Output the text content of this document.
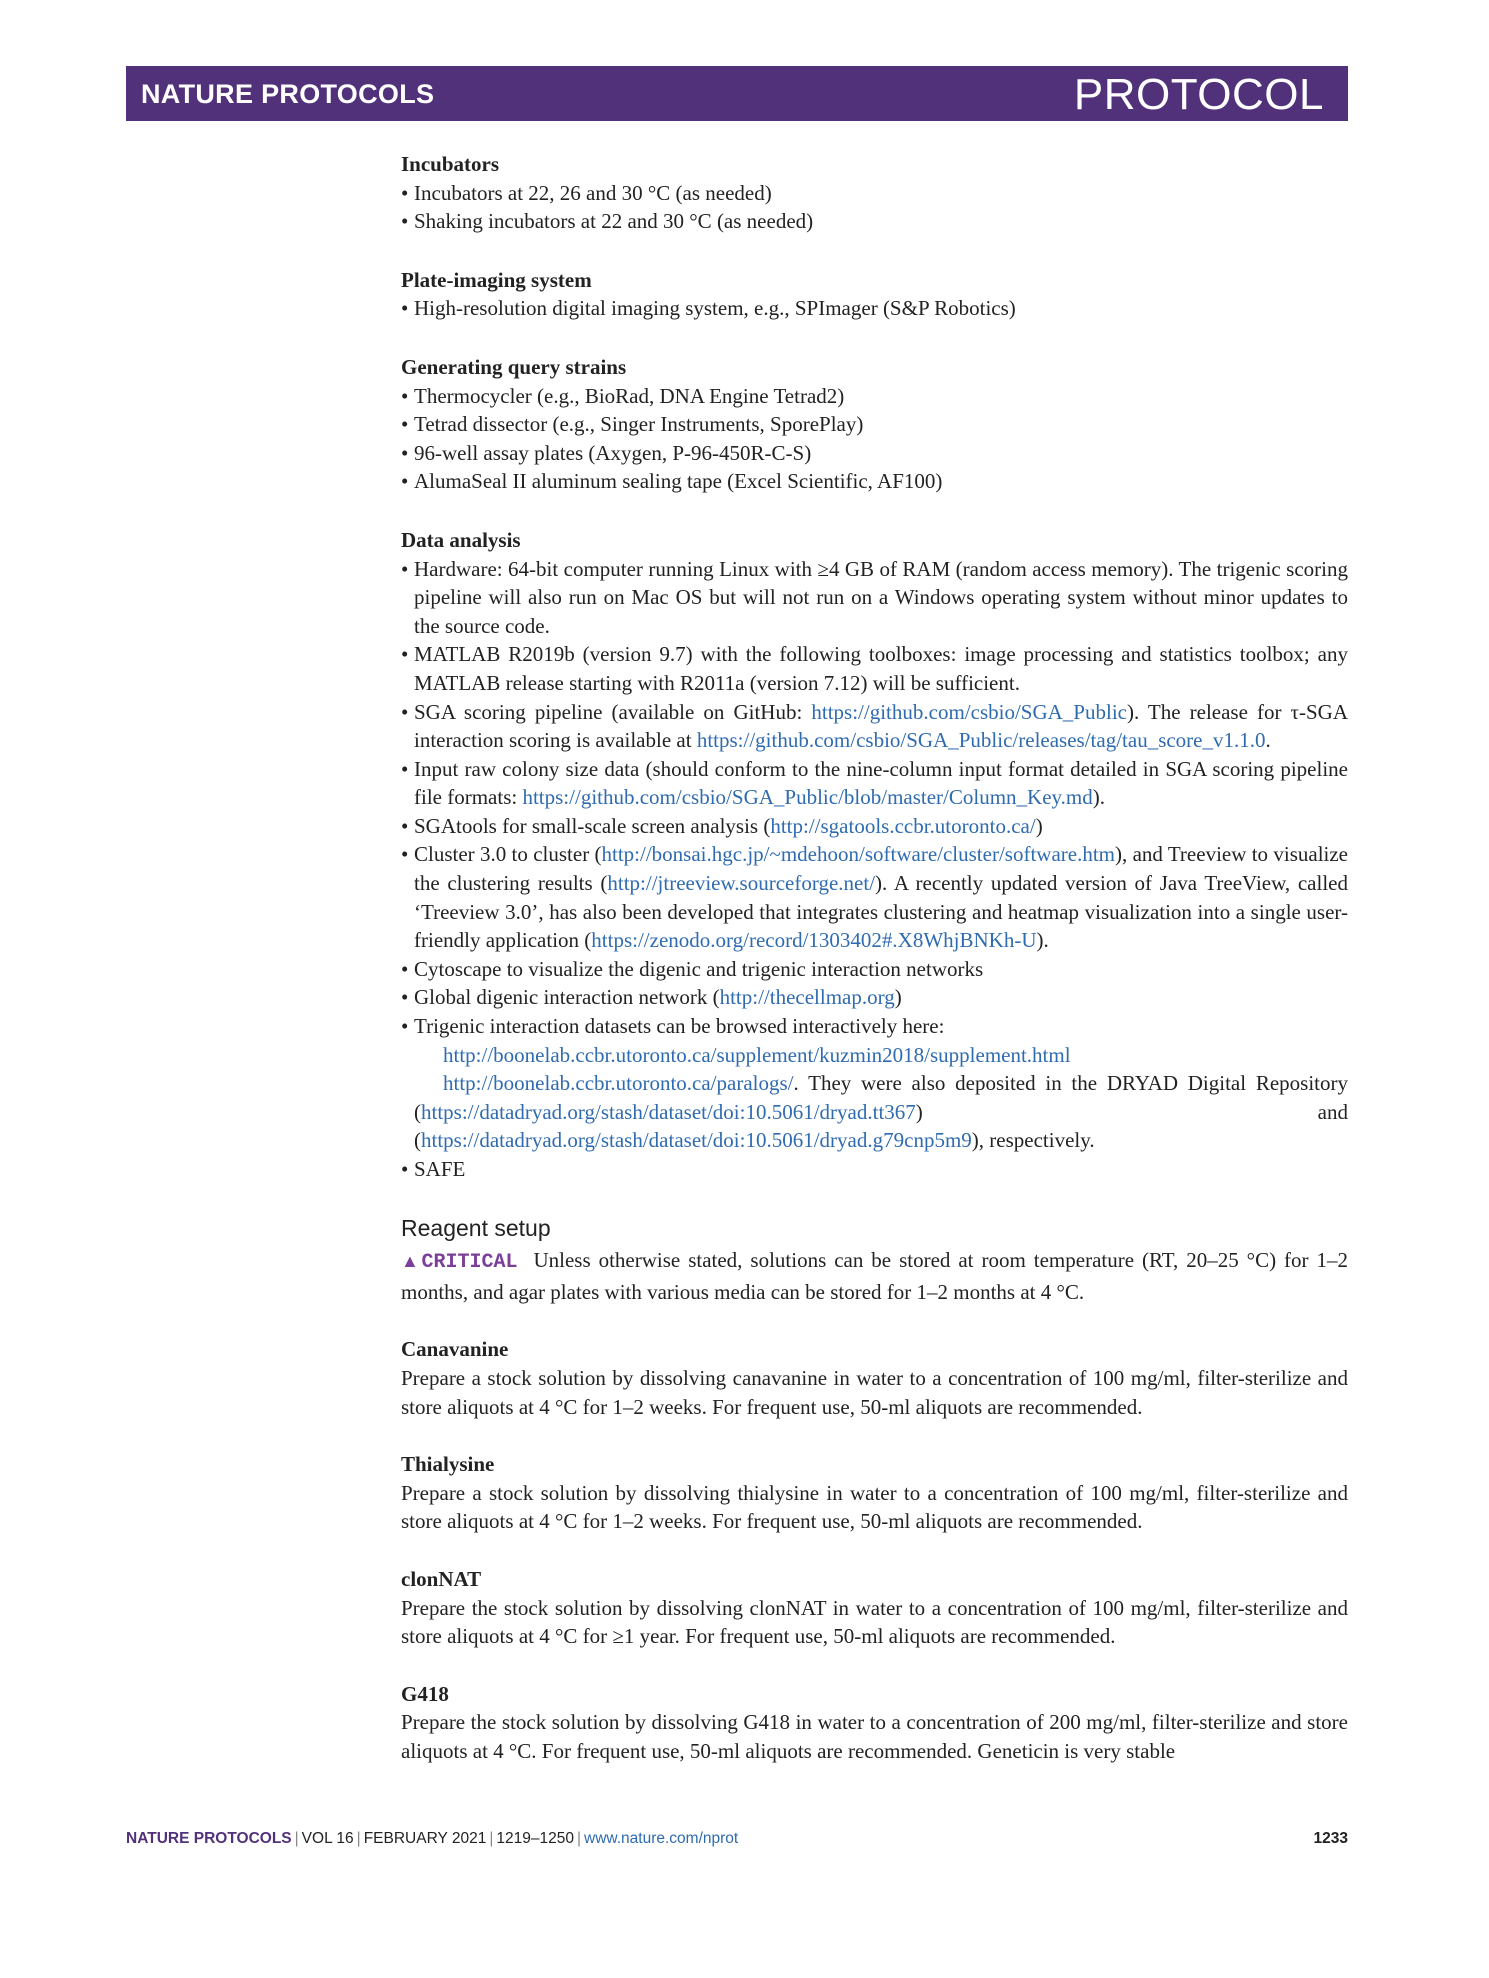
NATURE PROTOCOLS	PROTOCOL

Incubators

• Incubators at 22, 26 and 30 °C (as needed)
• Shaking incubators at 22 and 30 °C (as needed)

Plate-imaging system

• High-resolution digital imaging system, e.g., SPImager (S&P Robotics)

Generating query strains

• Thermocycler (e.g., BioRad, DNA Engine Tetrad2)
• Tetrad dissector (e.g., Singer Instruments, SporePlay)
• 96-well assay plates (Axygen, P-96-450R-C-S)
• AlumaSeal II aluminum sealing tape (Excel Scientific, AF100)

Data analysis

• Hardware: 64-bit computer running Linux with ≥4 GB of RAM (random access memory). The trigenic scoring pipeline will also run on Mac OS but will not run on a Windows operating system without minor updates to the source code.
• MATLAB R2019b (version 9.7) with the following toolboxes: image processing and statistics toolbox; any MATLAB release starting with R2011a (version 7.12) will be sufficient.
• SGA scoring pipeline (available on GitHub: https://github.com/csbio/SGA_Public). The release for τ-SGA interaction scoring is available at https://github.com/csbio/SGA_Public/releases/tag/tau_score_v1.1.0.
• Input raw colony size data (should conform to the nine-column input format detailed in SGA scoring pipeline file formats: https://github.com/csbio/SGA_Public/blob/master/Column_Key.md).
• SGAtools for small-scale screen analysis (http://sgatools.ccbr.utoronto.ca/)
• Cluster 3.0 to cluster (http://bonsai.hgc.jp/~mdehoon/software/cluster/software.htm), and Treeview to visualize the clustering results (http://jtreeview.sourceforge.net/). A recently updated version of Java TreeView, called ‘Treeview 3.0’, has also been developed that integrates clustering and heatmap visualization into a single user-friendly application (https://zenodo.org/record/1303402#.X8WhjBNKh-U).
• Cytoscape to visualize the digenic and trigenic interaction networks
• Global digenic interaction network (http://thecellmap.org)
• Trigenic interaction datasets can be browsed interactively here:
http://boonelab.ccbr.utoronto.ca/supplement/kuzmin2018/supplement.html
http://boonelab.ccbr.utoronto.ca/paralogs/. They were also deposited in the DRYAD Digital Repository (https://datadryad.org/stash/dataset/doi:10.5061/dryad.tt367) and (https://datadryad.org/stash/dataset/doi:10.5061/dryad.g79cnp5m9), respectively.
• SAFE

Reagent setup

▲CRITICAL Unless otherwise stated, solutions can be stored at room temperature (RT, 20–25 °C) for 1–2 months, and agar plates with various media can be stored for 1–2 months at 4 °C.

Canavanine

Prepare a stock solution by dissolving canavanine in water to a concentration of 100 mg/ml, filter-sterilize and store aliquots at 4 °C for 1–2 weeks. For frequent use, 50-ml aliquots are recommended.

Thialysine

Prepare a stock solution by dissolving thialysine in water to a concentration of 100 mg/ml, filter-sterilize and store aliquots at 4 °C for 1–2 weeks. For frequent use, 50-ml aliquots are recommended.

clonNAT

Prepare the stock solution by dissolving clonNAT in water to a concentration of 100 mg/ml, filter-sterilize and store aliquots at 4 °C for ≥1 year. For frequent use, 50-ml aliquots are recommended.

G418

Prepare the stock solution by dissolving G418 in water to a concentration of 200 mg/ml, filter-sterilize and store aliquots at 4 °C. For frequent use, 50-ml aliquots are recommended. Geneticin is very stable
NATURE PROTOCOLS | VOL 16 | FEBRUARY 2021 | 1219–1250 | www.nature.com/nprot	1233
